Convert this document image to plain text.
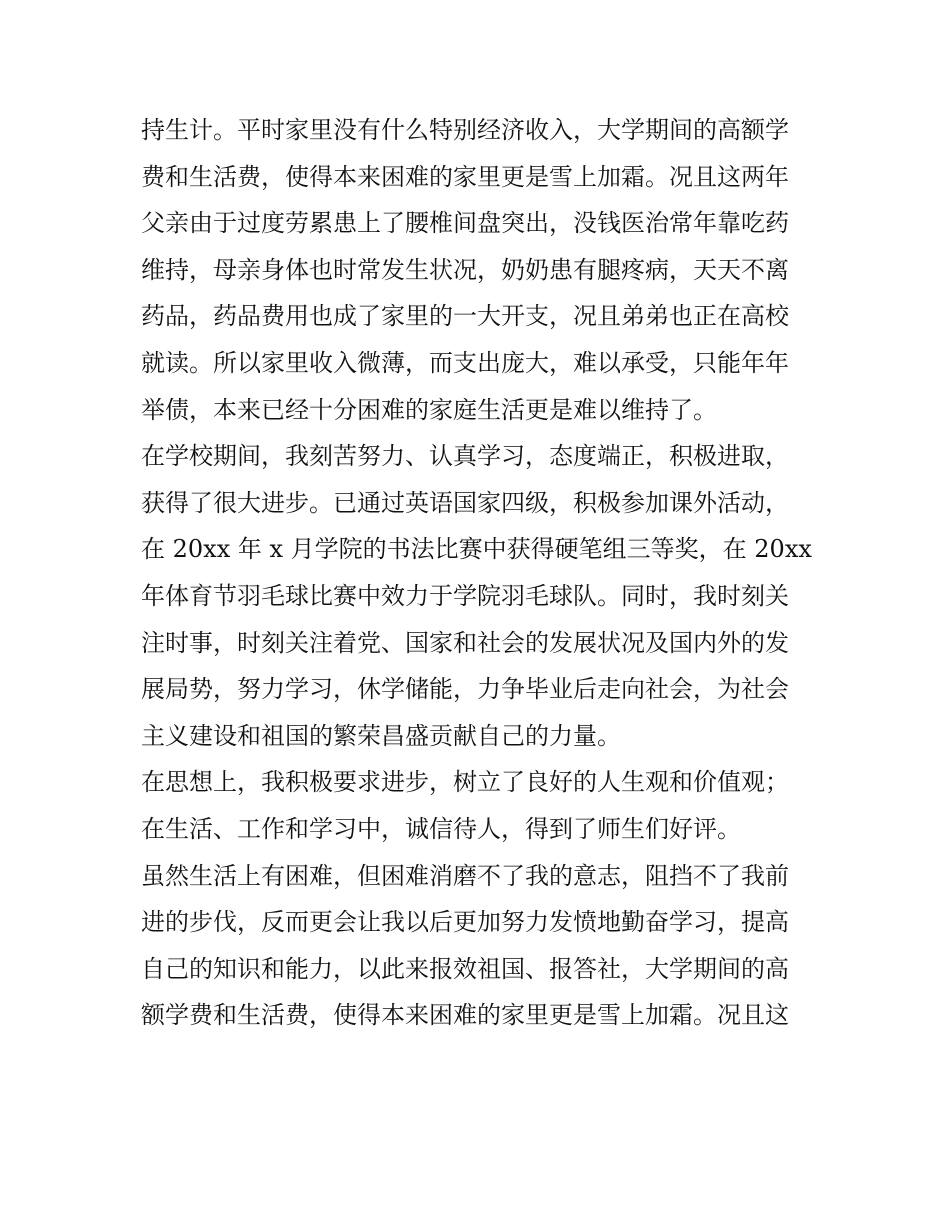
持生计。平时家里没有什么特别经济收入，大学期间的高额学
费和生活费，使得本来困难的家里更是雪上加霜。况且这两年
父亲由于过度劳累患上了腰椎间盘突出，没钱医治常年靠吃药
维持，母亲身体也时常发生状况，奶奶患有腿疼病，天天不离
药品，药品费用也成了家里的一大开支，况且弟弟也正在高校
就读。所以家里收入微薄，而支出庞大，难以承受，只能年年
举债，本来已经十分困难的家庭生活更是难以维持了。
在学校期间，我刻苦努力、认真学习，态度端正，积极进取，
获得了很大进步。已通过英语国家四级，积极参加课外活动，
在 20xx 年 x 月学院的书法比赛中获得硬笔组三等奖，在 20xx
年体育节羽毛球比赛中效力于学院羽毛球队。同时，我时刻关
注时事，时刻关注着党、国家和社会的发展状况及国内外的发
展局势，努力学习，休学储能，力争毕业后走向社会，为社会
主义建设和祖国的繁荣昌盛贡献自己的力量。
在思想上，我积极要求进步，树立了良好的人生观和价值观；
在生活、工作和学习中，诚信待人，得到了师生们好评。
虽然生活上有困难，但困难消磨不了我的意志，阻挡不了我前
进的步伐，反而更会让我以后更加努力发愤地勤奋学习，提高
自己的知识和能力，以此来报效祖国、报答社，大学期间的高
额学费和生活费，使得本来困难的家里更是雪上加霜。况且这
